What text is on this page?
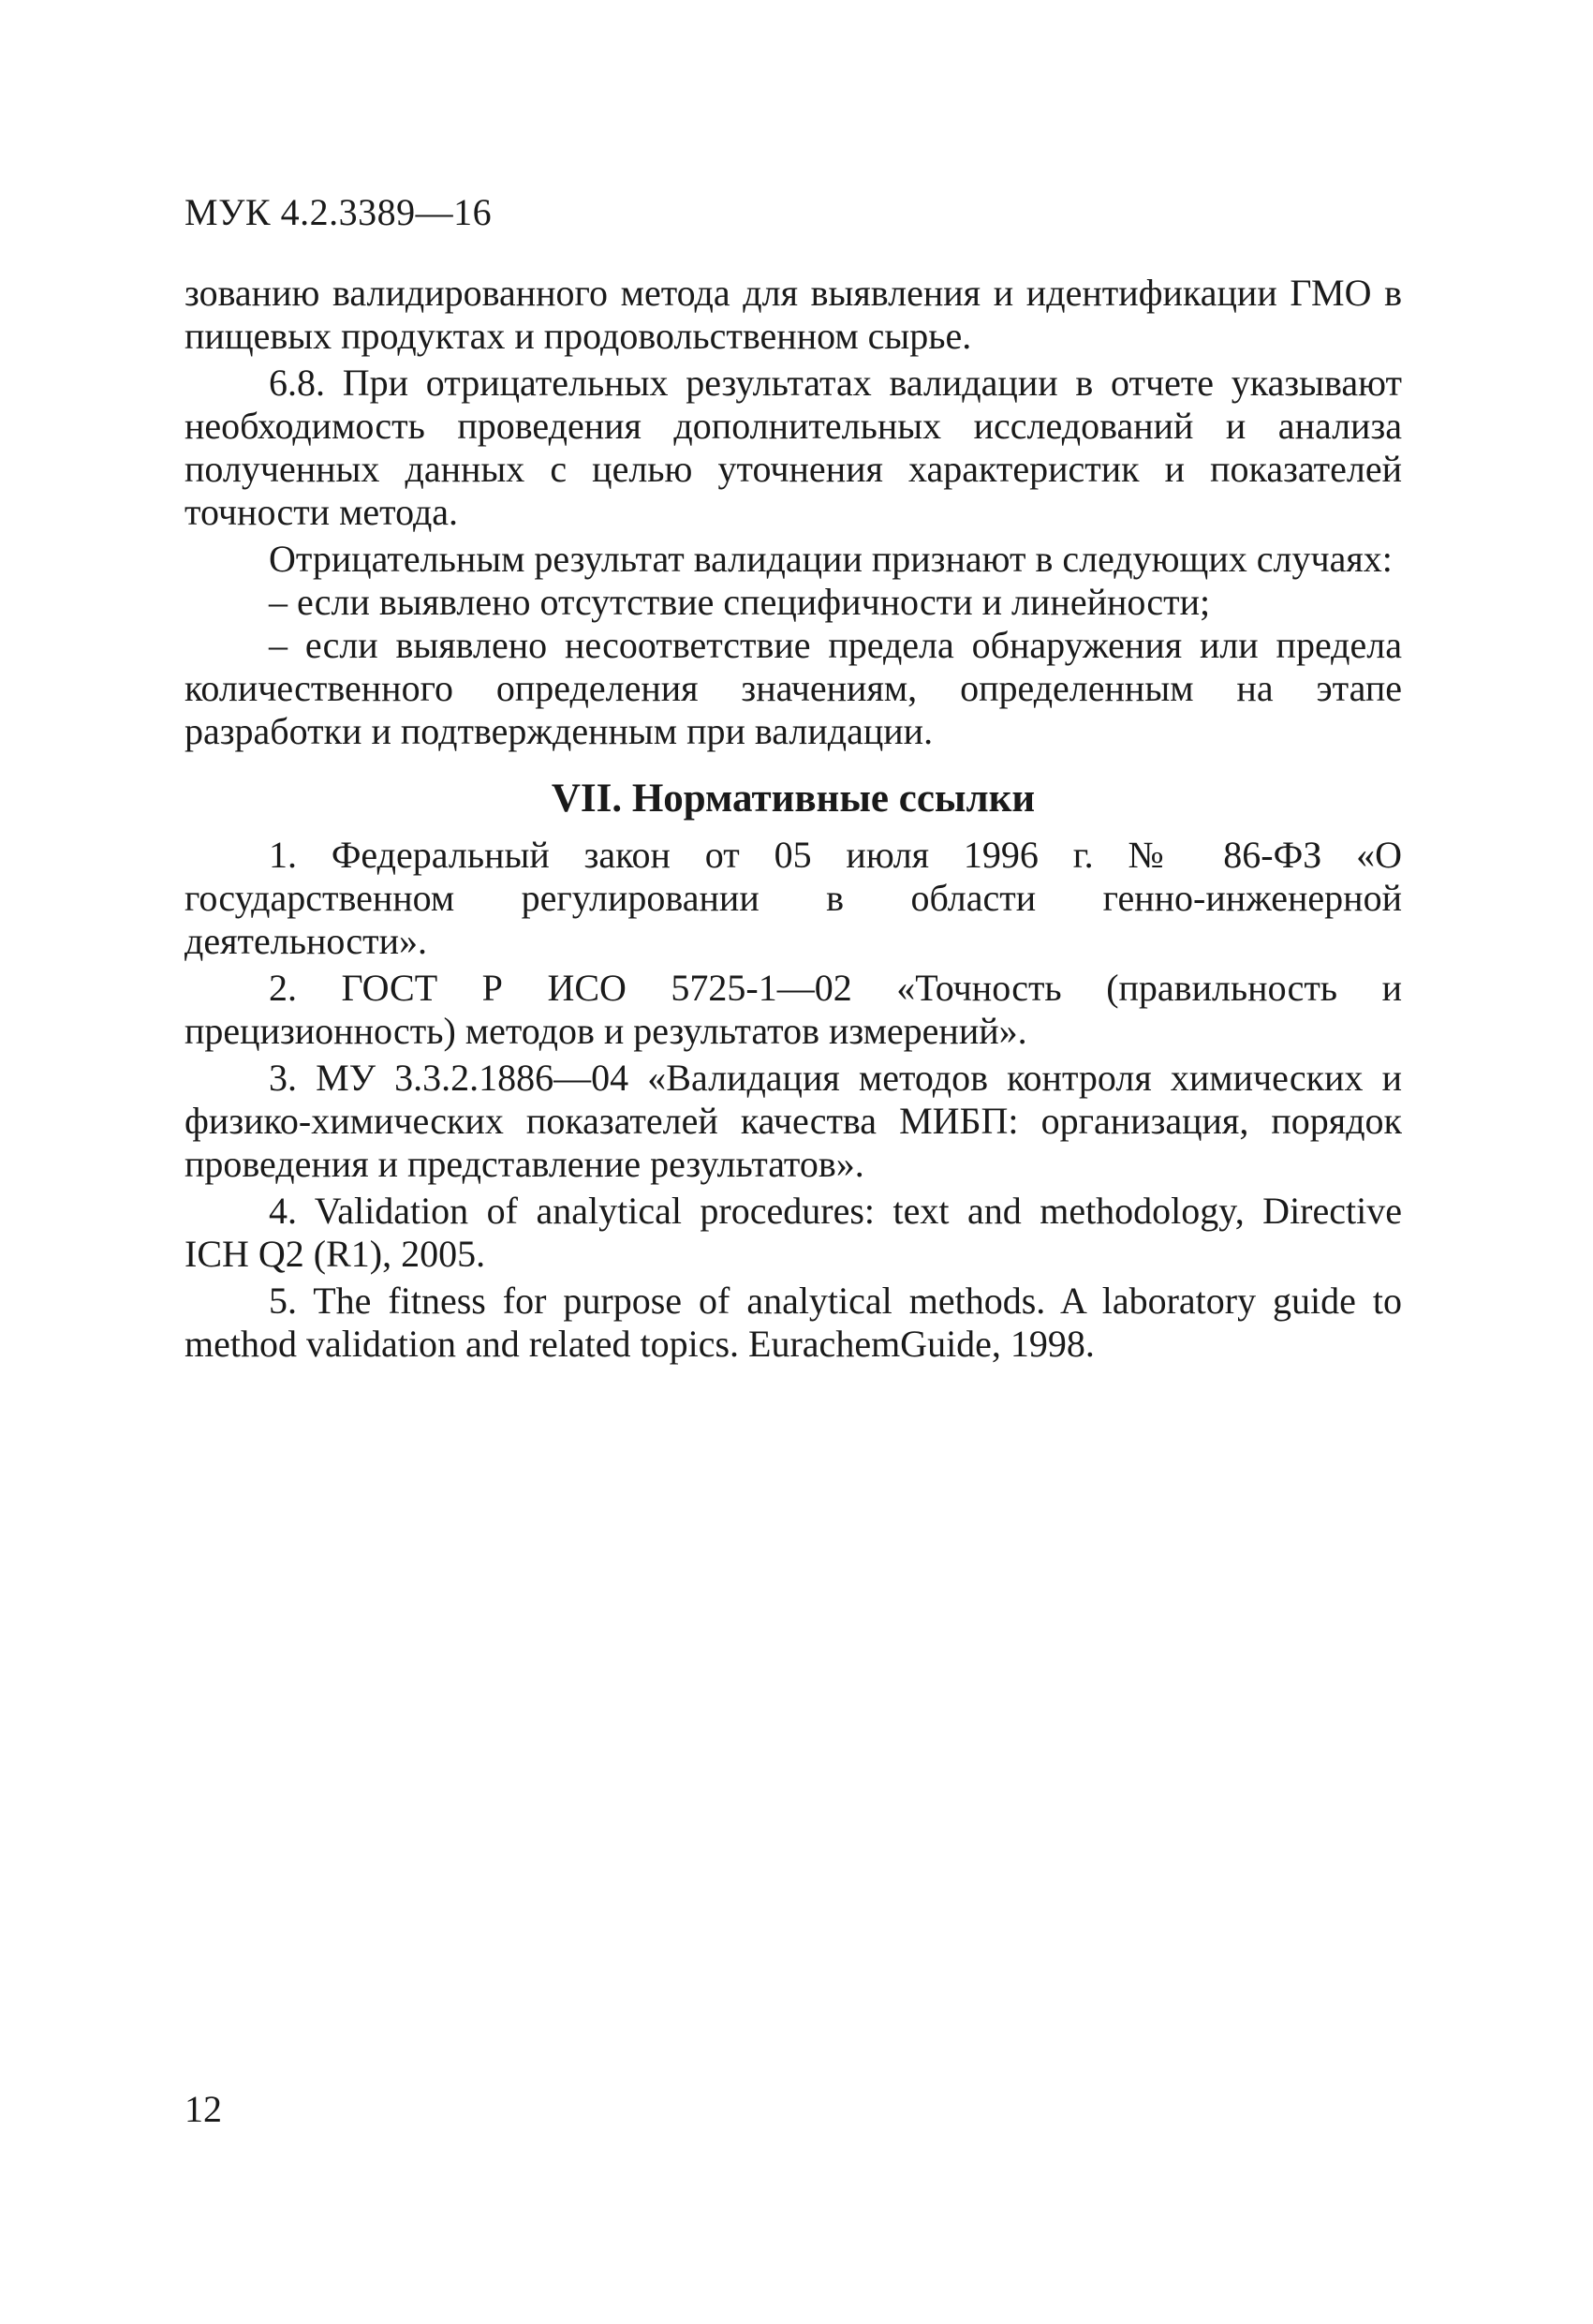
МУК 4.2.3389—16

зованию валидированного метода для выявления и идентификации ГМО в пищевых продуктах и продовольственном сырье.

6.8. При отрицательных результатах валидации в отчете указывают необходимость проведения дополнительных исследований и анализа полученных данных с целью уточнения характеристик и показателей точности метода.

Отрицательным результат валидации признают в следующих случаях:

– если выявлено отсутствие специфичности и линейности;

– если выявлено несоответствие предела обнаружения или предела количественного определения значениям, определенным на этапе разработки и подтвержденным при валидации.

VII. Нормативные ссылки

1. Федеральный закон от 05 июля 1996 г. № 86-ФЗ «О государственном регулировании в области генно-инженерной деятельности».

2. ГОСТ Р ИСО 5725-1—02 «Точность (правильность и прецизионность) методов и результатов измерений».

3. МУ 3.3.2.1886—04 «Валидация методов контроля химических и физико-химических показателей качества МИБП: организация, порядок проведения и представление результатов».

4. Validation of analytical procedures: text and methodology, Directive ICH Q2 (R1), 2005.

5. The fitness for purpose of analytical methods. A laboratory guide to method validation and related topics. EurachemGuide, 1998.

12
